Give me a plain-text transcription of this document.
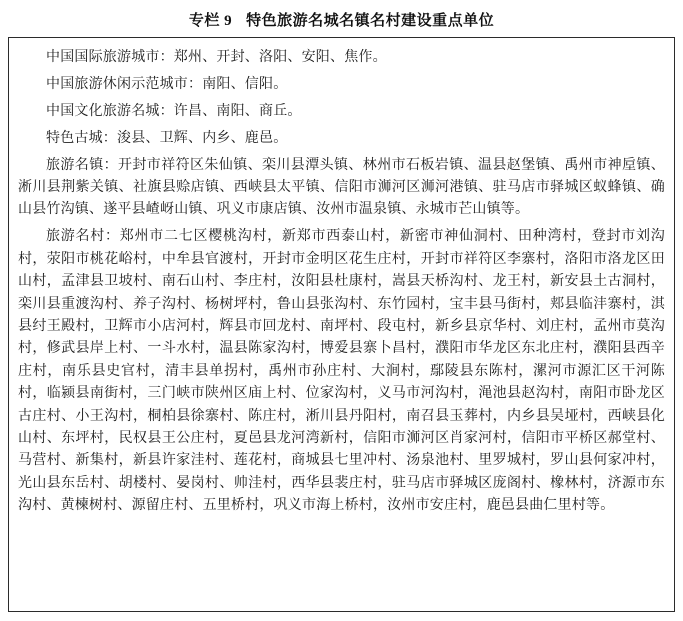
专栏 9 特色旅游名城名镇名村建设重点单位

中国国际旅游城市：郑州、开封、洛阳、安阳、焦作。

中国旅游休闲示范城市：南阳、信阳。

中国文化旅游名城：许昌、南阳、商丘。

特色古城：浚县、卫辉、内乡、鹿邑。

旅游名镇：开封市祥符区朱仙镇、栾川县潭头镇、林州市石板岩镇、温县赵堡镇、禹州市神垕镇、淅川县荆紫关镇、社旗县赊店镇、西峡县太平镇、信阳市浉河区浉河港镇、驻马店市驿城区蚁蜂镇、确山县竹沟镇、遂平县嵖岈山镇、巩义市康店镇、汝州市温泉镇、永城市芒山镇等。

旅游名村：郑州市二七区樱桃沟村，新郑市西泰山村，新密市神仙洞村、田种湾村，登封市刘沟村，荥阳市桃花峪村，中牟县官渡村，开封市金明区花生庄村，开封市祥符区李寨村，洛阳市洛龙区田山村，孟津县卫坡村、南石山村、李庄村，汝阳县杜康村，嵩县天桥沟村、龙王村，新安县土古洞村，栾川县重渡沟村、养子沟村、杨树坪村，鲁山县张沟村、东竹园村，宝丰县马街村，郏县临沣寨村，淇县纣王殿村，卫辉市小店河村，辉县市回龙村、南坪村、段屯村，新乡县京华村、刘庄村，孟州市莫沟村，修武县岸上村、一斗水村，温县陈家沟村，博爱县寨卜昌村，濮阳市华龙区东北庄村，濮阳县西辛庄村，南乐县史官村，清丰县单拐村，禹州市孙庄村、大涧村，鄢陵县东陈村，漯河市源汇区干河陈村，临颍县南街村，三门峡市陕州区庙上村、位家沟村，义马市河沟村，渑池县赵沟村，南阳市卧龙区古庄村、小王沟村，桐柏县徐寨村、陈庄村，淅川县丹阳村，南召县玉葬村，内乡县吴垭村，西峡县化山村、东坪村，民权县王公庄村，夏邑县龙河湾新村，信阳市浉河区肖家河村，信阳市平桥区郝堂村、马营村、新集村，新县许家洼村、莲花村，商城县七里冲村、汤泉池村、里罗城村，罗山县何家冲村，光山县东岳村、胡楼村、晏岗村、帅洼村，西华县裴庄村，驻马店市驿城区庞阁村、橡林村，济源市东沟村、黄楝树村、源留庄村、五里桥村，巩义市海上桥村，汝州市安庄村，鹿邑县曲仁里村等。
